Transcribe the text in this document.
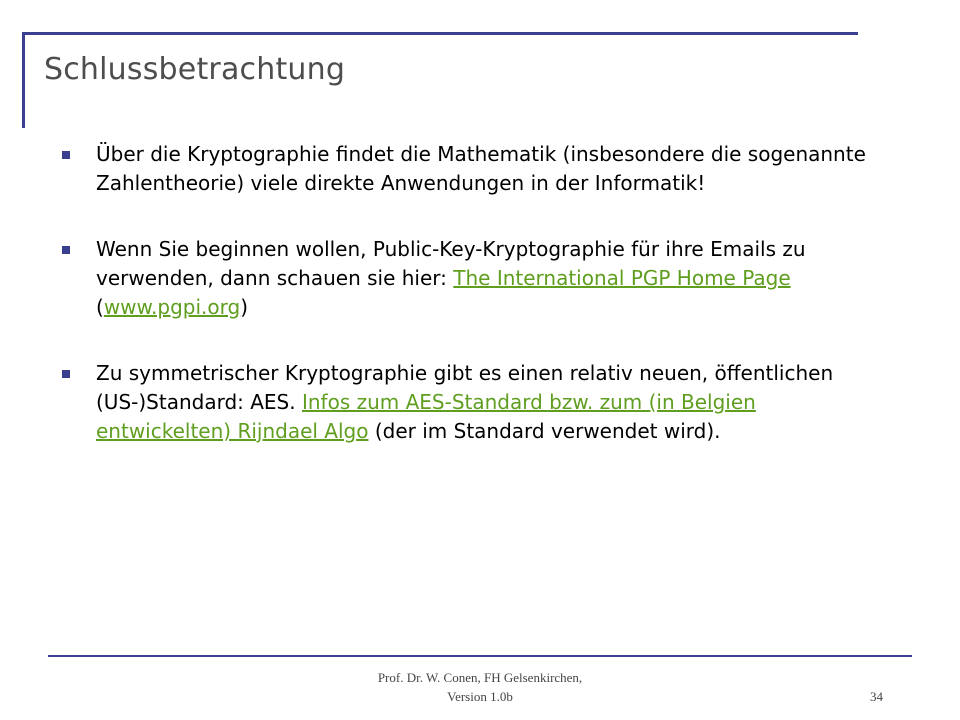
Schlussbetrachtung
Über die Kryptographie findet die Mathematik (insbesondere die sogenannte Zahlentheorie) viele direkte Anwendungen in der Informatik!
Wenn Sie beginnen wollen, Public-Key-Kryptographie für ihre Emails zu verwenden, dann schauen sie hier: The International PGP Home Page (www.pgpi.org)
Zu symmetrischer Kryptographie gibt es einen relativ neuen, öffentlichen (US-)Standard: AES. Infos zum AES-Standard bzw. zum (in Belgien entwickelten) Rijndael Algo (der im Standard verwendet wird).
Prof. Dr. W. Conen, FH Gelsenkirchen,
Version 1.0b	34
